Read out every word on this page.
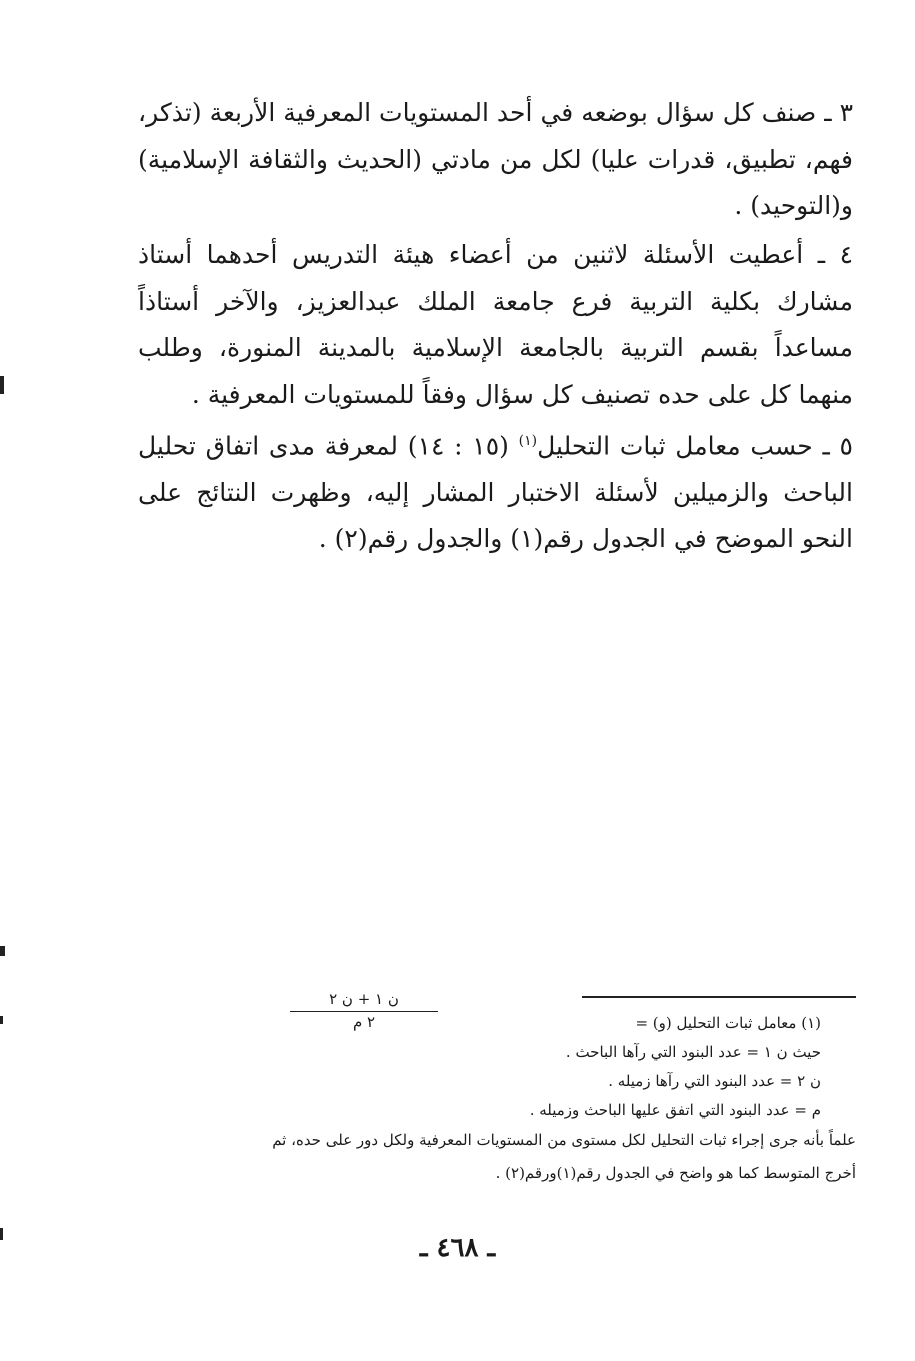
٣ ـ صنف كل سؤال بوضعه في أحد المستويات المعرفية الأربعة (تذكر، فهم، تطبيق، قدرات عليا) لكل من مادتي (الحديث والثقافة الإسلامية) و(التوحيد) .

٤ ـ أعطيت الأسئلة لاثنين من أعضاء هيئة التدريس أحدهما أستاذ مشارك بكلية التربية فرع جامعة الملك عبدالعزيز، والآخر أستاذاً مساعداً بقسم التربية بالجامعة الإسلامية بالمدينة المنورة، وطلب منهما كل على حده تصنيف كل سؤال وفقاً للمستويات المعرفية .

٥ ـ حسب معامل ثبات التحليل$^{(١)}$ (١٥ : ١٤) لمعرفة مدى اتفاق تحليل الباحث والزميلين لأسئلة الاختبار المشار إليه، وظهرت النتائج على النحو الموضح في الجدول رقم(١) والجدول رقم(٢) .

ن ١ + ن ٢
٢ م	(١) معامل ثبات التحليل (و) =
حيث ن ١ = عدد البنود التي رآها الباحث .
ن ٢ = عدد البنود التي رآها زميله .
م = عدد البنود التي اتفق عليها الباحث وزميله .
علماً بأنه جرى إجراء ثبات التحليل لكل مستوى من المستويات المعرفية ولكل دور على حده، ثم
أخرج المتوسط كما هو واضح في الجدول رقم(١)ورقم(٢) .
ـ ٤٦٨ ـ
